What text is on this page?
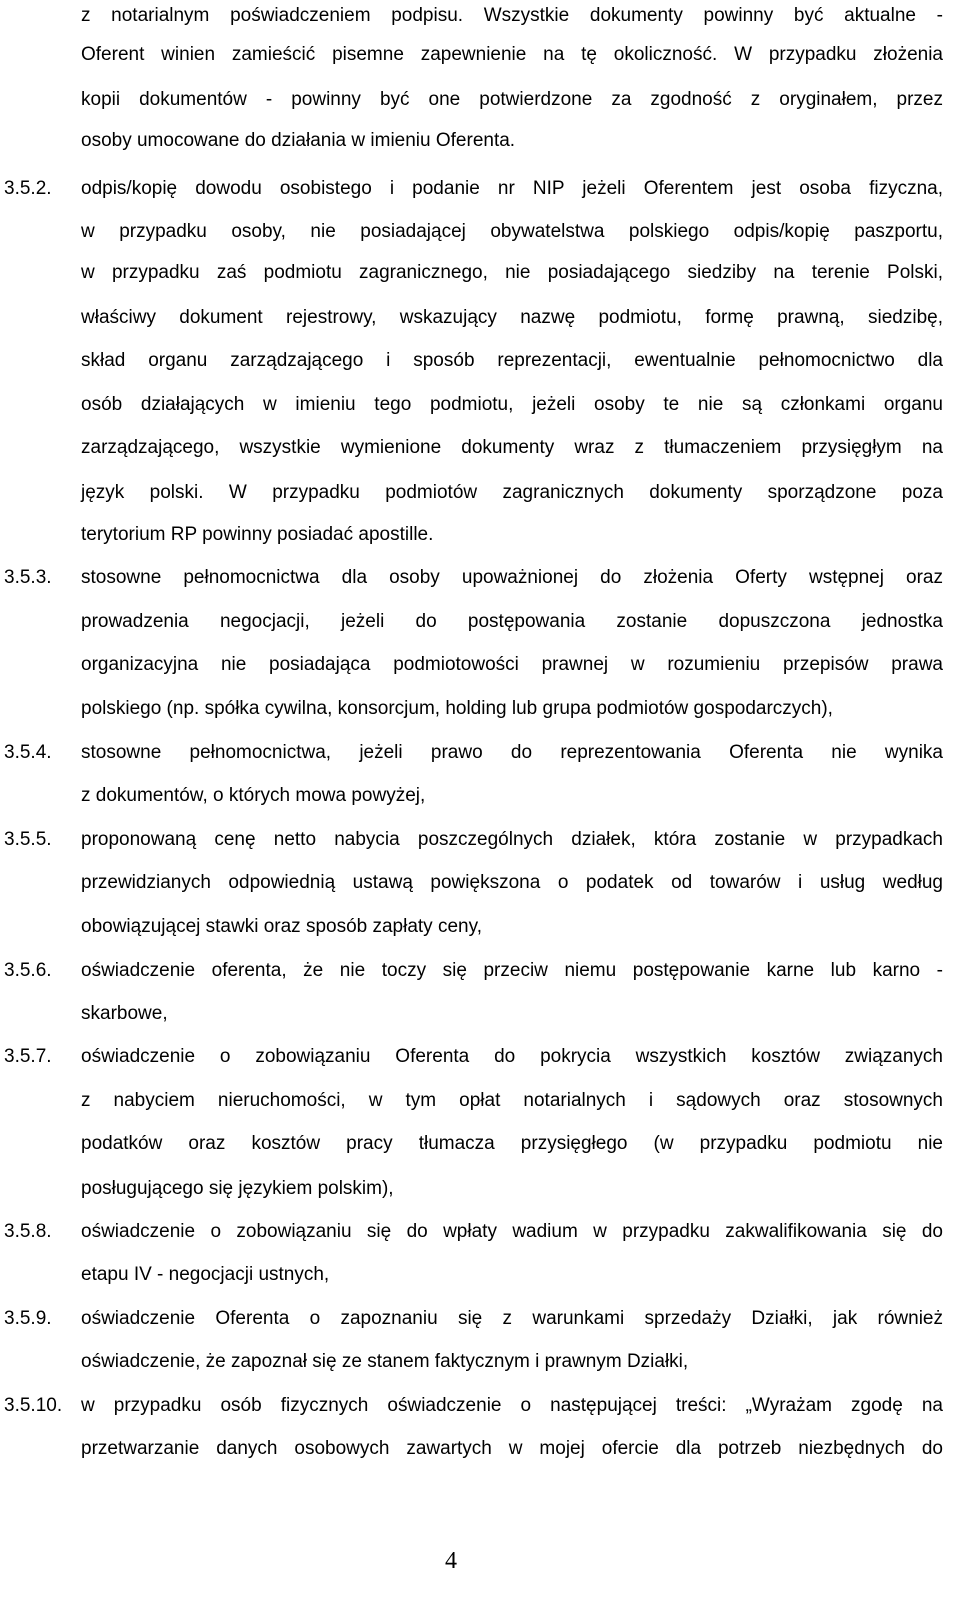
z notarialnym poświadczeniem podpisu. Wszystkie dokumenty powinny być aktualne -
Oferent winien zamieścić pisemne zapewnienie na tę okoliczność. W przypadku złożenia
kopii dokumentów - powinny być one potwierdzone za zgodność z oryginałem, przez
osoby umocowane do działania w imieniu Oferenta.
3.5.2. odpis/kopię dowodu osobistego i podanie nr NIP jeżeli Oferentem jest osoba fizyczna,
w przypadku osoby, nie posiadającej obywatelstwa polskiego odpis/kopię paszportu,
w przypadku zaś podmiotu zagranicznego, nie posiadającego siedziby na terenie Polski,
właściwy dokument rejestrowy, wskazujący nazwę podmiotu, formę prawną, siedzibę,
skład organu zarządzającego i sposób reprezentacji, ewentualnie pełnomocnictwo dla
osób działających w imieniu tego podmiotu, jeżeli osoby te nie są członkami organu
zarządzającego, wszystkie wymienione dokumenty wraz z tłumaczeniem przysięgłym na
język polski. W przypadku podmiotów zagranicznych dokumenty sporządzone poza
terytorium RP powinny posiadać apostille.
3.5.3. stosowne pełnomocnictwa dla osoby upoważnionej do złożenia Oferty wstępnej oraz
prowadzenia negocjacji, jeżeli do postępowania zostanie dopuszczona jednostka
organizacyjna nie posiadająca podmiotowości prawnej w rozumieniu przepisów prawa
polskiego (np. spółka cywilna, konsorcjum, holding lub grupa podmiotów gospodarczych),
3.5.4. stosowne pełnomocnictwa, jeżeli prawo do reprezentowania Oferenta nie wynika
z dokumentów, o których mowa powyżej,
3.5.5. proponowaną cenę netto nabycia poszczególnych działek, która zostanie w przypadkach
przewidzianych odpowiednią ustawą powiększona o podatek od towarów i usług według
obowiązującej stawki oraz sposób zapłaty ceny,
3.5.6. oświadczenie oferenta, że nie toczy się przeciw niemu postępowanie karne lub karno -
skarbowe,
3.5.7. oświadczenie o zobowiązaniu Oferenta do pokrycia wszystkich kosztów związanych
z nabyciem nieruchomości, w tym opłat notarialnych i sądowych oraz stosownych
podatków oraz kosztów pracy tłumacza przysięgłego (w przypadku podmiotu nie
posługującego się językiem polskim),
3.5.8. oświadczenie o zobowiązaniu się do wpłaty wadium w przypadku zakwalifikowania się do
etapu IV - negocjacji ustnych,
3.5.9. oświadczenie Oferenta o zapoznaniu się z warunkami sprzedaży Działki, jak również
oświadczenie, że zapoznał się ze stanem faktycznym i prawnym Działki,
3.5.10. w przypadku osób fizycznych oświadczenie o następującej treści: „Wyrażam zgodę na
przetwarzanie danych osobowych zawartych w mojej ofercie dla potrzeb niezbędnych do
4
